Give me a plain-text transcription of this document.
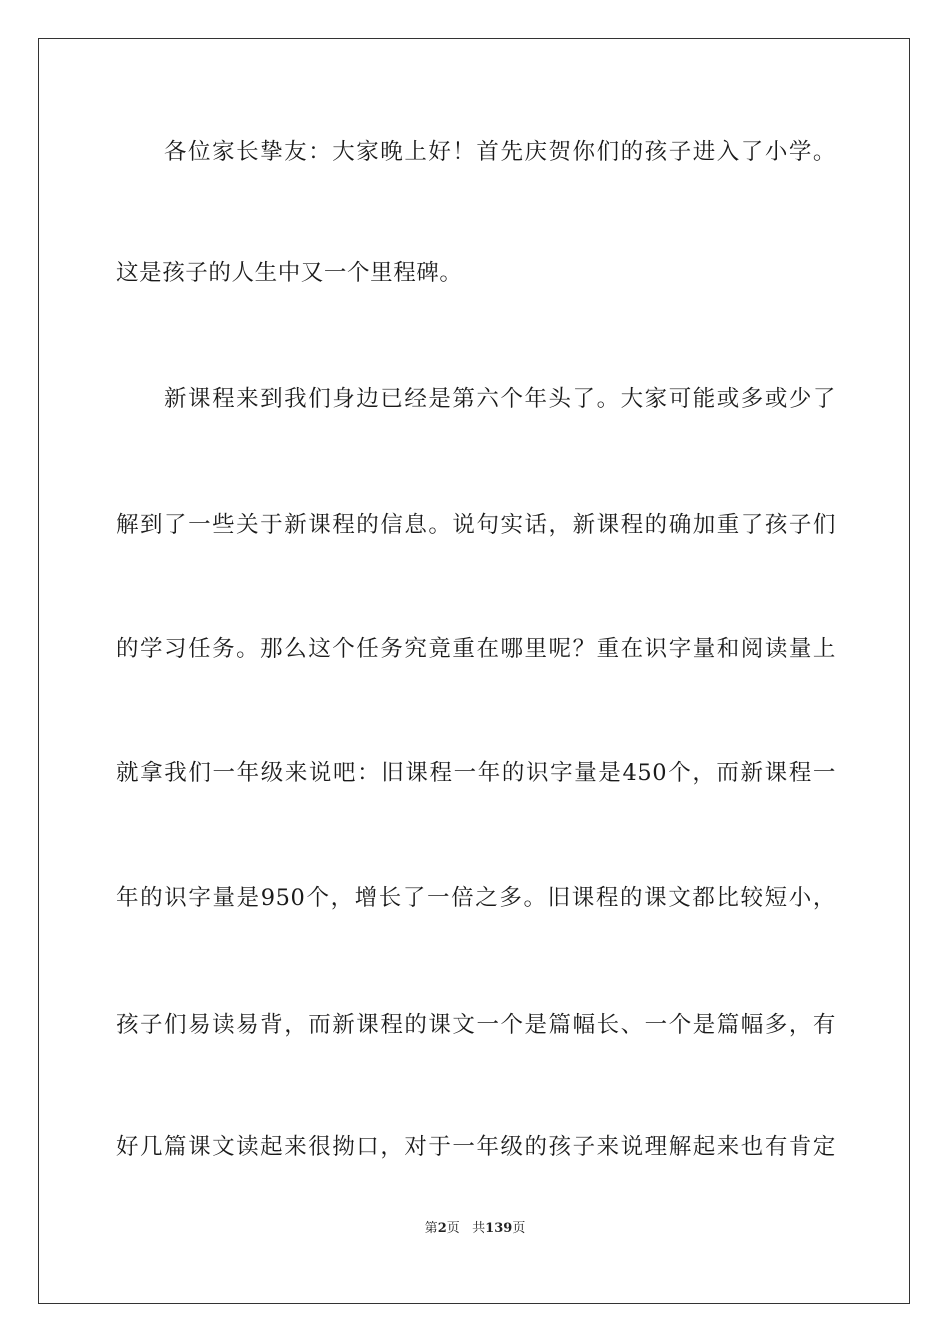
各位家长挚友：大家晚上好！首先庆贺你们的孩子进入了小学。
这是孩子的人生中又一个里程碑。
新课程来到我们身边已经是第六个年头了。大家可能或多或少了
解到了一些关于新课程的信息。说句实话，新课程的确加重了孩子们
的学习任务。那么这个任务究竟重在哪里呢？重在识字量和阅读量上
就拿我们一年级来说吧：旧课程一年的识字量是450个，而新课程一
年的识字量是950个，增长了一倍之多。旧课程的课文都比较短小，
孩子们易读易背，而新课程的课文一个是篇幅长、一个是篇幅多，有
好几篇课文读起来很拗口，对于一年级的孩子来说理解起来也有肯定
第2页 共139页
